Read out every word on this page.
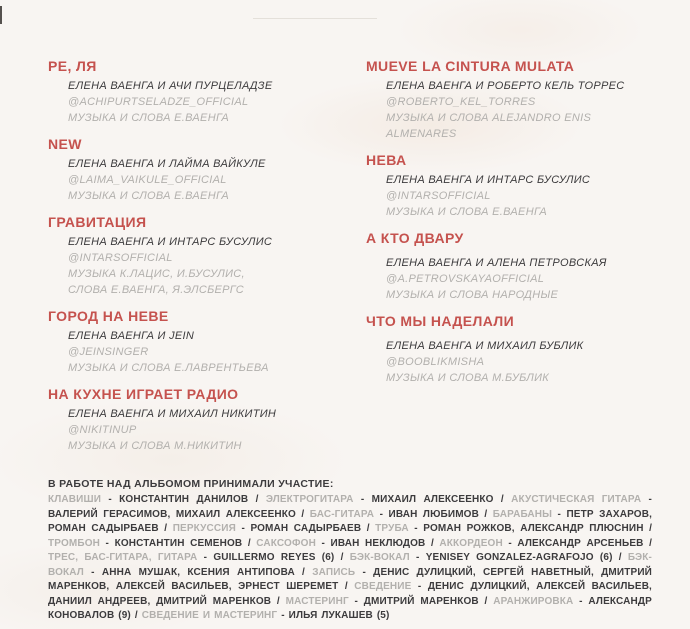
РЕ, ЛЯ
ЕЛЕНА ВАЕНГА И АЧИ ПУРЦЕЛАДЗЕ
@ACHIPURTSELADZE_OFFICIAL
МУЗЫКА И СЛОВА Е.ВАЕНГА
NEW
ЕЛЕНА ВАЕНГА И ЛАЙМА ВАЙКУЛЕ
@LAIMA_VAIKULE_OFFICIAL
МУЗЫКА И СЛОВА Е.ВАЕНГА
ГРАВИТАЦИЯ
ЕЛЕНА ВАЕНГА И ИНТАРС БУСУЛИС
@INTARSOFFICIAL
МУЗЫКА К.ЛАЦИС, И.БУСУЛИС,
СЛОВА Е.ВАЕНГА, Я.ЭЛСБЕРГС
ГОРОД НА НЕВЕ
ЕЛЕНА ВАЕНГА И JEIN
@JEINSINGER
МУЗЫКА И СЛОВА Е.ЛАВРЕНТЬЕВА
НА КУХНЕ ИГРАЕТ РАДИО
ЕЛЕНА ВАЕНГА И МИХАИЛ НИКИТИН
@NIKITINUP
МУЗЫКА И СЛОВА М.НИКИТИН
MUEVE LA CINTURA MULATA
ЕЛЕНА ВАЕНГА И РОБЕРТО КЕЛЬ ТОРРЕС
@ROBERTO_KEL_TORRES
МУЗЫКА И СЛОВА ALEJANDRO ENIS ALMENARES
НЕВА
ЕЛЕНА ВАЕНГА И ИНТАРС БУСУЛИС
@INTARSOFFICIAL
МУЗЫКА И СЛОВА Е.ВАЕНГА
А КТО ДВАРУ
ЕЛЕНА ВАЕНГА И АЛЕНА ПЕТРОВСКАЯ
@A.PETROVSKAYAOFFICIAL
МУЗЫКА И СЛОВА НАРОДНЫЕ
ЧТО МЫ НАДЕЛАЛИ
ЕЛЕНА ВАЕНГА И МИХАИЛ БУБЛИК
@BOOBLIKMISHA
МУЗЫКА И СЛОВА М.БУБЛИК
В РАБОТЕ НАД АЛЬБОМОМ ПРИНИМАЛИ УЧАСТИЕ:

КЛАВИШИ - КОНСТАНТИН ДАНИЛОВ / ЭЛЕКТРОГИТАРА - МИХАИЛ АЛЕКСЕЕНКО / АКУСТИЧЕСКАЯ ГИТАРА - ВАЛЕРИЙ ГЕРАСИМОВ, МИХАИЛ АЛЕКСЕЕНКО / БАС-ГИТАРА - ИВАН ЛЮБИМОВ / БАРАБАНЫ - ПЕТР ЗАХАРОВ, РОМАН САДЫРБАЕВ / ПЕРКУССИЯ - РОМАН САДЫРБАЕВ / ТРУБА - РОМАН РОЖКОВ, АЛЕКСАНДР ПЛЮСНИН / ТРОМБОН - КОНСТАНТИН СЕМЕНОВ / САКСОФОН - ИВАН НЕКЛЮДОВ / АККОРДЕОН - АЛЕКСАНДР АРСЕНЬЕВ / ТРЕС, БАС-ГИТАРА, ГИТАРА - GUILLERMO REYES (6) / БЭК-ВОКАЛ - YENISEY GONZALEZ-AGRAFOJO (6) / БЭК-ВОКАЛ - АННА МУШАК, КСЕНИЯ АНТИПОВА / ЗАПИСЬ - ДЕНИС ДУЛИЦКИЙ, СЕРГЕЙ НАВЕТНЫЙ, ДМИТРИЙ МАРЕНКОВ, АЛЕКСЕЙ ВАСИЛЬЕВ, ЭРНЕСТ ШЕРЕМЕТ / СВЕДЕНИЕ - ДЕНИС ДУЛИЦКИЙ, АЛЕКСЕЙ ВАСИЛЬЕВ, ДАНИИЛ АНДРЕЕВ, ДМИТРИЙ МАРЕНКОВ / МАСТЕРИНГ - ДМИТРИЙ МАРЕНКОВ / АРАНЖИРОВКА - АЛЕКСАНДР КОНОВАЛОВ (9) / СВЕДЕНИЕ И МАСТЕРИНГ - ИЛЬЯ ЛУКАШЕВ (5)
